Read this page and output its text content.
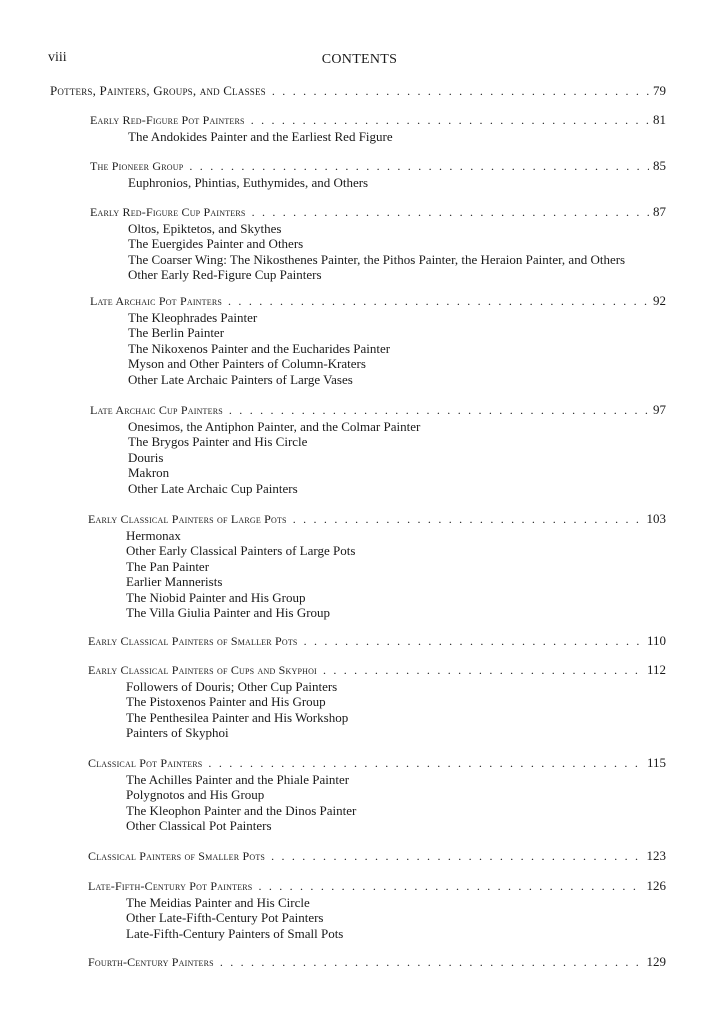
viii	CONTENTS
Potters, Painters, Groups, and Classes . . .	79
Early Red-Figure Pot Painters . . .	81
The Andokides Painter and the Earliest Red Figure
The Pioneer Group . . .	85
Euphronios, Phintias, Euthymides, and Others
Early Red-Figure Cup Painters . . .	87
Oltos, Epiktetos, and Skythes
The Euergides Painter and Others
The Coarser Wing: The Nikosthenes Painter, the Pithos Painter, the Heraion Painter, and Others
Other Early Red-Figure Cup Painters
Late Archaic Pot Painters . . .	92
The Kleophrades Painter
The Berlin Painter
The Nikoxenos Painter and the Eucharides Painter
Myson and Other Painters of Column-Kraters
Other Late Archaic Painters of Large Vases
Late Archaic Cup Painters . . .	97
Onesimos, the Antiphon Painter, and the Colmar Painter
The Brygos Painter and His Circle
Douris
Makron
Other Late Archaic Cup Painters
Early Classical Painters of Large Pots . . .	103
Hermonax
Other Early Classical Painters of Large Pots
The Pan Painter
Earlier Mannerists
The Niobid Painter and His Group
The Villa Giulia Painter and His Group
Early Classical Painters of Smaller Pots . . .	110
Early Classical Painters of Cups and Skyphoi . . .	112
Followers of Douris; Other Cup Painters
The Pistoxenos Painter and His Group
The Penthesilea Painter and His Workshop
Painters of Skyphoi
Classical Pot Painters . . .	115
The Achilles Painter and the Phiale Painter
Polygnotos and His Group
The Kleophon Painter and the Dinos Painter
Other Classical Pot Painters
Classical Painters of Smaller Pots . . .	123
Late-Fifth-Century Pot Painters . . .	126
The Meidias Painter and His Circle
Other Late-Fifth-Century Pot Painters
Late-Fifth-Century Painters of Small Pots
Fourth-Century Painters . . .	129
